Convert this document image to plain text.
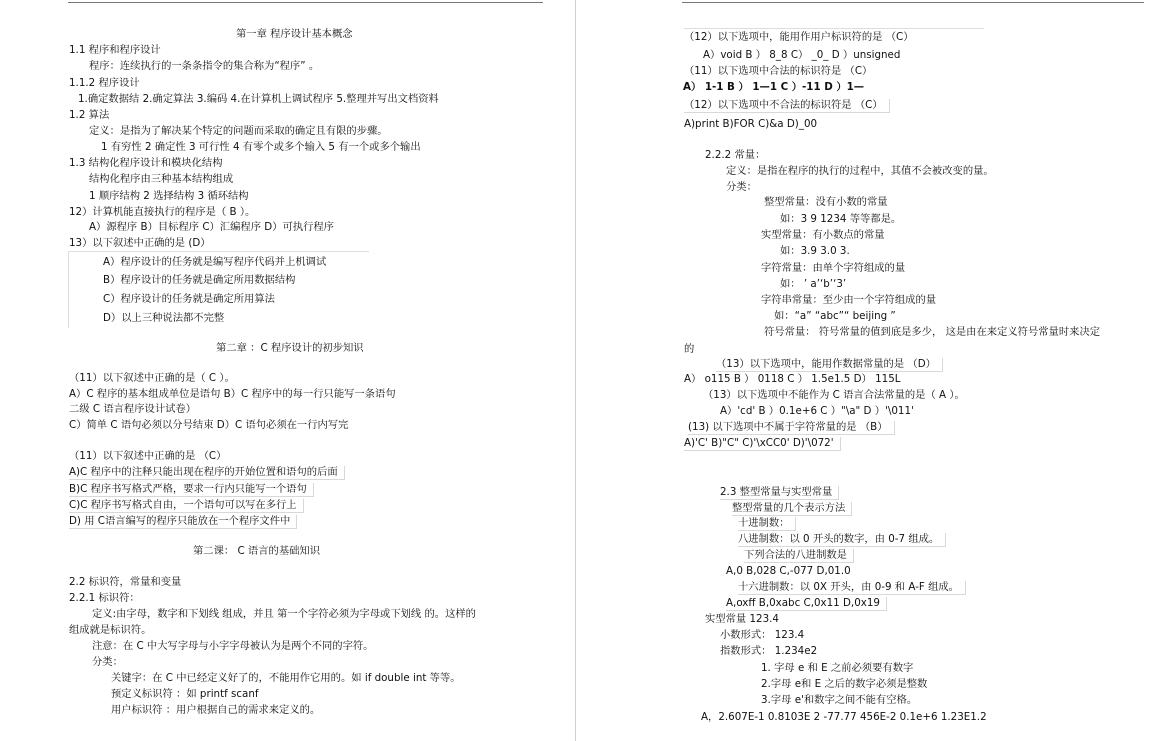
第一章 程序设计基本概念
1.1 程序和程序设计
程序：连续执行的一条条指令的集合称为“程序” 。
1.1.2 程序设计
1.确定数据结 2.确定算法 3.编码 4.在计算机上调试程序 5.整理并写出文档资料
1.2 算法
定义：是指为了解决某个特定的问题而采取的确定且有限的步骤。
1 有穷性 2 确定性 3 可行性 4 有零个或多个输入 5 有一个或多个输出
1.3 结构化程序设计和模块化结构
结构化程序由三种基本结构组成
1 顺序结构 2 选择结构 3 循环结构
12）计算机能直接执行的程序是（ B ）。
A）源程序 B）目标程序 C）汇编程序 D）可执行程序
13）以下叙述中正确的是 (D）
A）程序设计的任务就是编写程序代码并上机调试
B）程序设计的任务就是确定所用数据结构
C）程序设计的任务就是确定所用算法
D）以上三种说法都不完整
第二章 ：C 程序设计的初步知识
（11）以下叙述中正确的是（ C ）。
A）C 程序的基本组成单位是语句 B）C 程序中的每一行只能写一条语句
二级 C 语言程序设计试卷）
C）简单 C 语句必须以分号结束 D）C 语句必须在一行内写完
（11）以下叙述中正确的是 （C）
A)C 程序中的注释只能出现在程序的开始位置和语句的后面
B)C 程序书写格式严格，要求一行内只能写一个语句
C)C 程序书写格式自由，一个语句可以写在多行上
D) 用 C语言编写的程序只能放在一个程序文件中
第二课： C 语言的基础知识
2.2 标识符，常量和变量
2.2.1 标识符：
定义:由字母，数字和下划线 组成，并且 第一个字符必须为字母或下划线 的。这样的
组成就是标识符。
注意：在 C 中大写字母与小字字母被认为是两个不同的字符。
分类：
关键字：在 C 中已经定义好了的，不能用作它用的。如 if double int 等等。
预定义标识符 ：如 printf scanf
用户标识符 ：用户根据自己的需求来定义的。
（12）以下选项中，能用作用户标识符的是 （C）
A）void B ） 8_8 C） _0_ D ）unsigned
（11）以下选项中合法的标识符是 （C）
A） 1-1 B ） 1—1 C ）-11 D ）1—
（12）以下选项中不合法的标识符是 （C）
A)print B)FOR C)&a D)_00
2.2.2 常量：
定义：是指在程序的执行的过程中，其值不会被改变的量。
分类：
整型常量：没有小数的常量
如：3 9 1234 等等都是。
实型常量：有小数点的常量
如：3.9 3.0 3.
字符常量：由单个字符组成的量
如： ’ a’‘b’‘3’
字符串常量：至少由一个字符组成的量
如：“a” “abc”“ beijing ”
符号常量： 符号常量的值到底是多少， 这是由在来定义符号常量时来决定
的
（13）以下选项中，能用作数据常量的是 （D）
A） o115 B ） 0118 C ） 1.5e1.5 D） 115L
（13）以下选项中不能作为 C 语言合法常量的是（ A ）。
A）'cd' B ）0.1e+6 C ）"\a" D ）'\011'
(13) 以下选项中不属于字符常量的是 （B）
A)'C' B)"C" C)'\xCC0' D)'\072'
2.3 整型常量与实型常量
整型常量的几个表示方法
十进制数：
八进制数：以 0 开头的数字，由 0-7 组成。
下列合法的八进制数是
A,0 B,028 C,-077 D,01.0
十六进制数：以 0X 开头，由 0-9 和 A-F 组成。
A,oxff B,0xabc C,0x11 D,0x19
实型常量 123.4
小数形式： 123.4
指数形式： 1.234e2
1. 字母 e 和 E 之前必须要有数字
2.字母 e和 E 之后的数字必须是整数
3.字母 e'和数字之间不能有空格。
A，2.607E-1 0.8103E 2 -77.77 456E-2 0.1e+6 1.23E1.2
